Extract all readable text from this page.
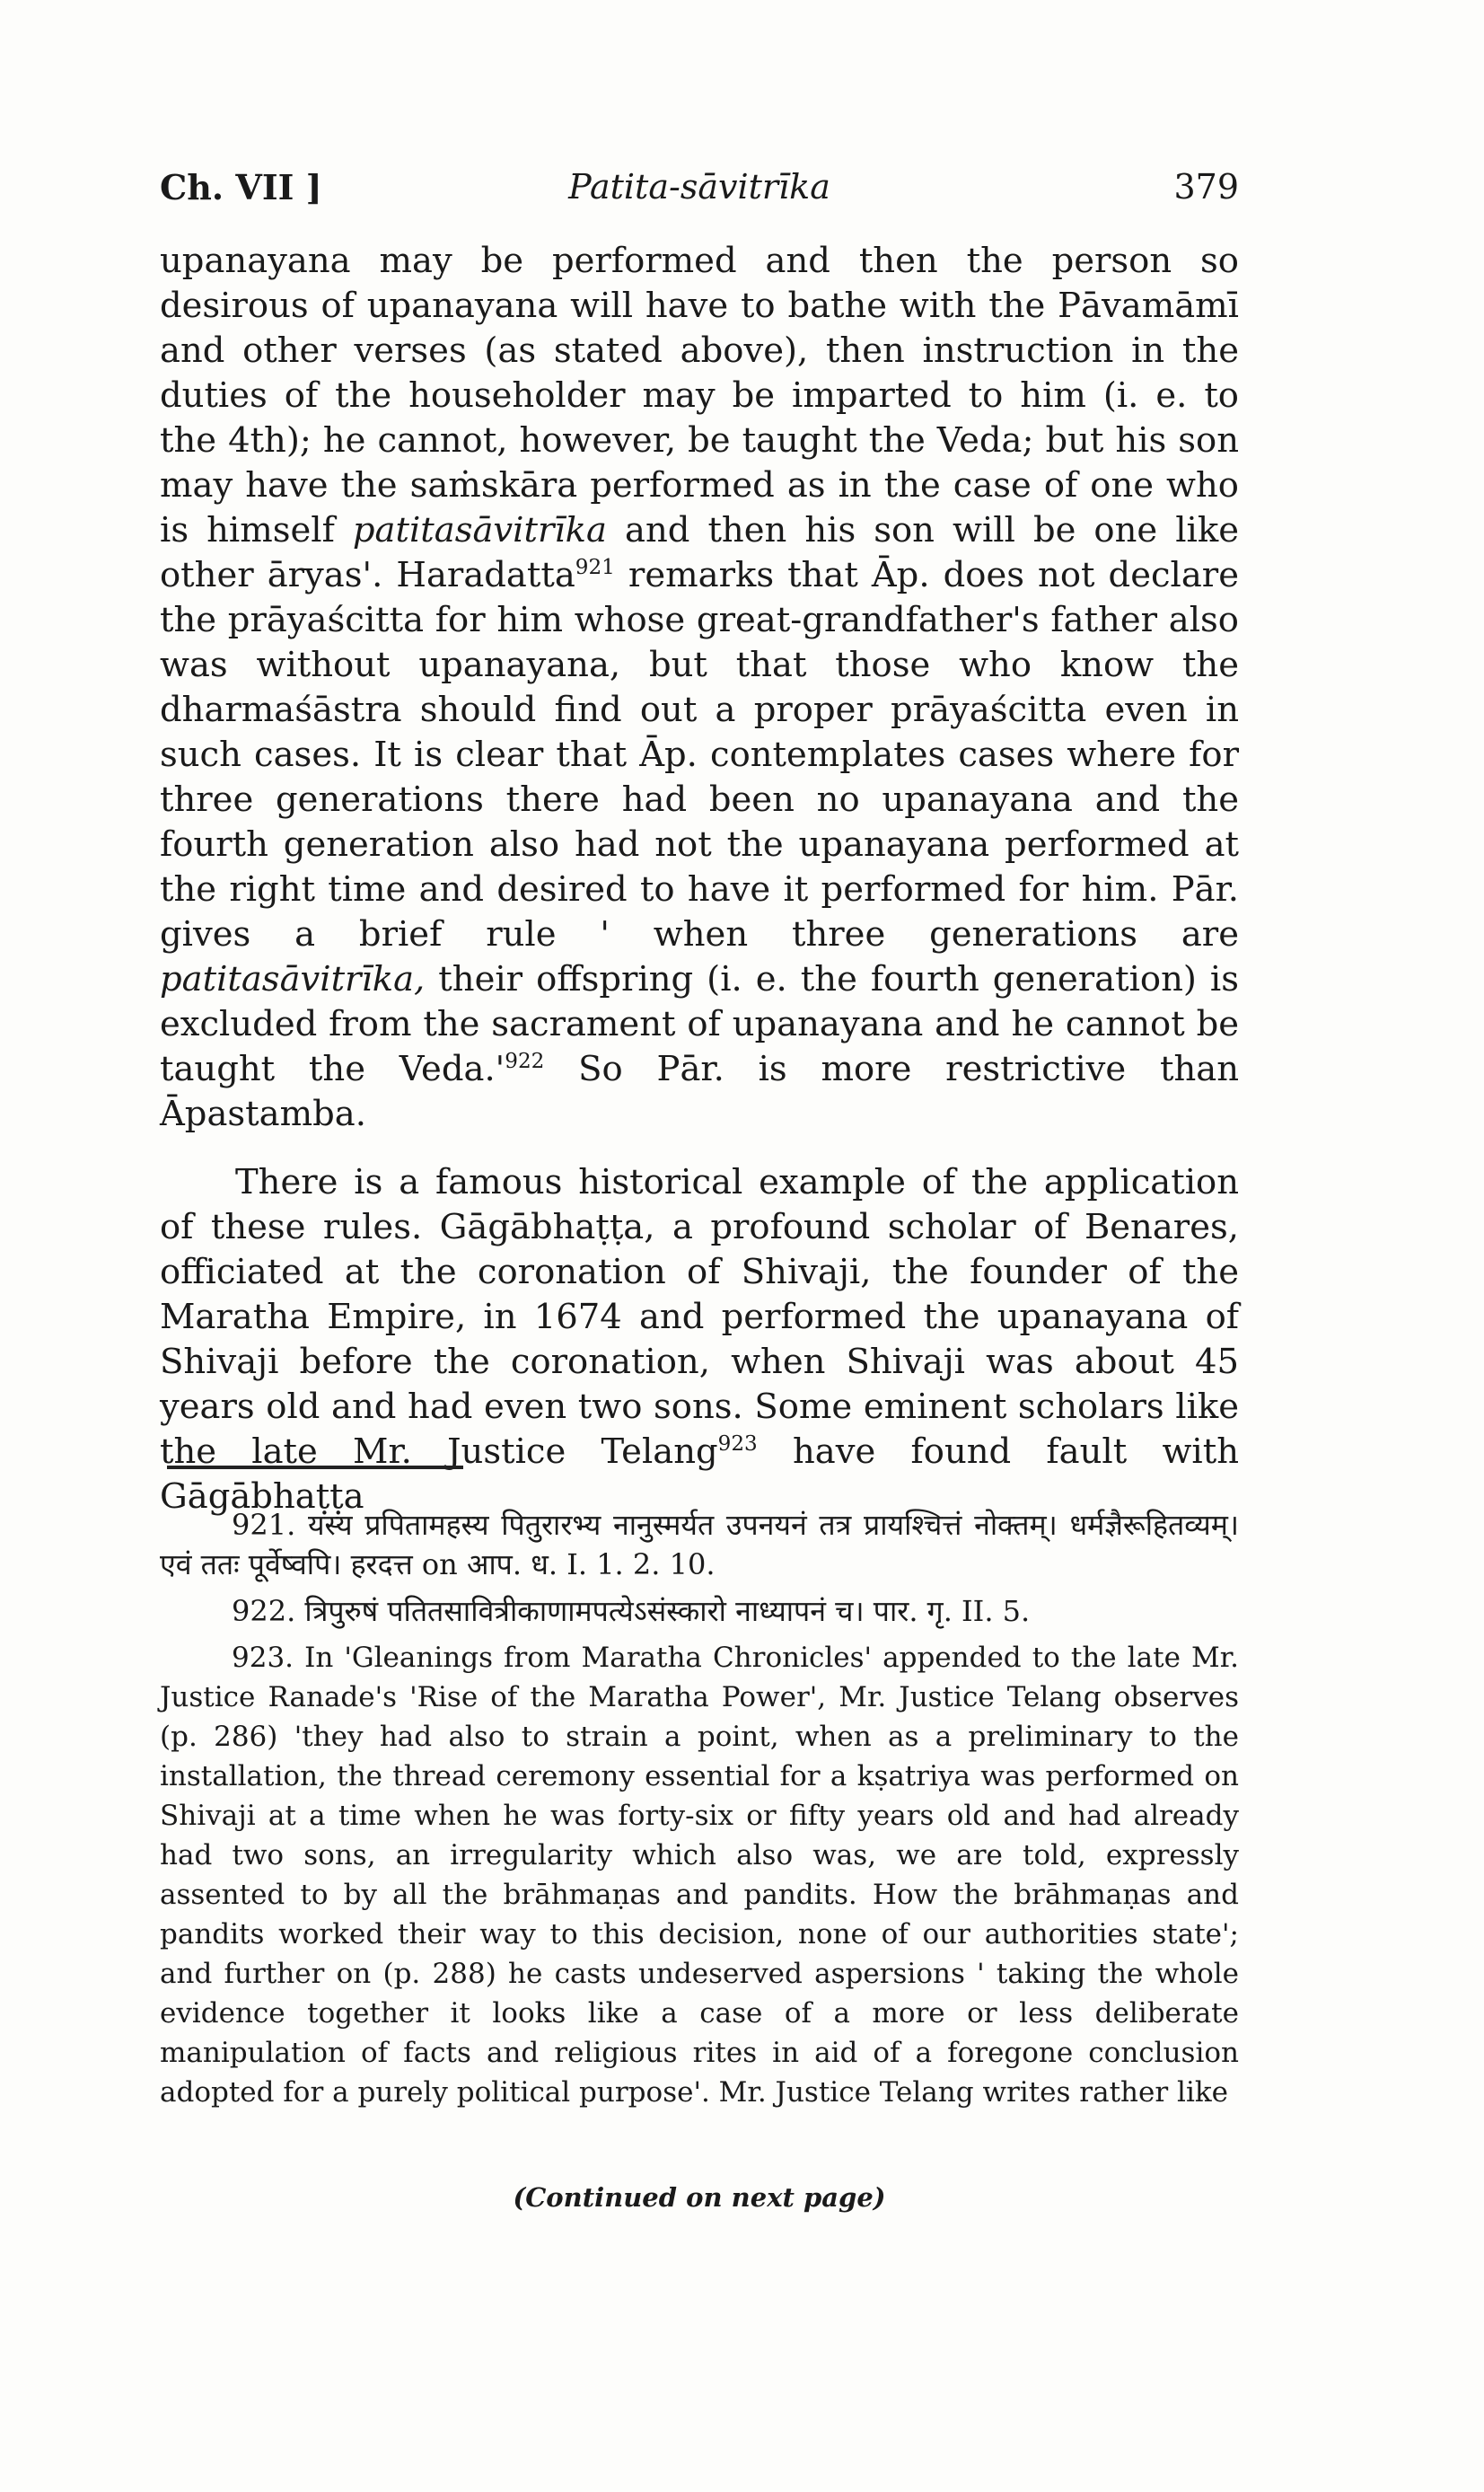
Ch. VII ]	Patita-sāvitrīka	379

upanayana may be performed and then the person so desirous of upanayana will have to bathe with the Pāvamāmī and other verses (as stated above), then instruction in the duties of the householder may be imparted to him (i. e. to the 4th); he cannot, however, be taught the Veda; but his son may have the saṁskāra performed as in the case of one who is himself patitasāvitrīka and then his son will be one like other āryas'. Haradatta$^{921}$ remarks that Āp. does not declare the prāyaścitta for him whose great-grandfather's father also was without upanayana, but that those who know the dharmaśāstra should find out a proper prāyaścitta even in such cases. It is clear that Āp. contemplates cases where for three generations there had been no upanayana and the fourth generation also had not the upanayana performed at the right time and desired to have it performed for him. Pār. gives a brief rule ' when three generations are patitasāvitrīka, their offspring (i. e. the fourth generation) is excluded from the sacrament of upanayana and he cannot be taught the $Veda.'^{922}$ So Pār. is more restrictive than Āpastamba.

There is a famous historical example of the application of these rules. Gāgābhaṭṭa, a profound scholar of Benares, officiated at the coronation of Shivaji, the founder of the Maratha Empire, in 1674 and performed the upanayana of Shivaji before the coronation, when Shivaji was about 45 years old and had even two sons. Some eminent scholars like the late Mr. Justice Telang$^{923}$ have found fault with Gāgābhaṭṭa

921. यस्य प्रपितामहस्य पितुरारभ्य नानुस्मर्यत उपनयनं तत्र प्रायश्चित्तं नोक्तम्। धर्मज्ञैरूहितव्यम्। एवं ततः पूर्वेष्वपि। हरदत्त on आप. ध. I. 1. 2. 10.

922. त्रिपुरुषं पतितसावित्रीकाणामपत्येऽसंस्कारो नाध्यापनं च। पार. गृ. II. 5.

923. In 'Gleanings from Maratha Chronicles' appended to the late Mr. Justice Ranade's 'Rise of the Maratha Power', Mr. Justice Telang observes (p. 286) 'they had also to strain a point, when as a preliminary to the installation, the thread ceremony essential for a kṣatriya was performed on Shivaji at a time when he was forty-six or fifty years old and had already had two sons, an irregularity which also was, we are told, expressly assented to by all the brāhmaṇas and pandits. How the brāhmaṇas and pandits worked their way to this decision, none of our authorities state'; and further on (p. 288) he casts undeserved aspersions ' taking the whole evidence together it looks like a case of a more or less deliberate manipulation of facts and religious rites in aid of a foregone conclusion adopted for a purely political purpose'. Mr. Justice Telang writes rather like

(Continued on next page)
